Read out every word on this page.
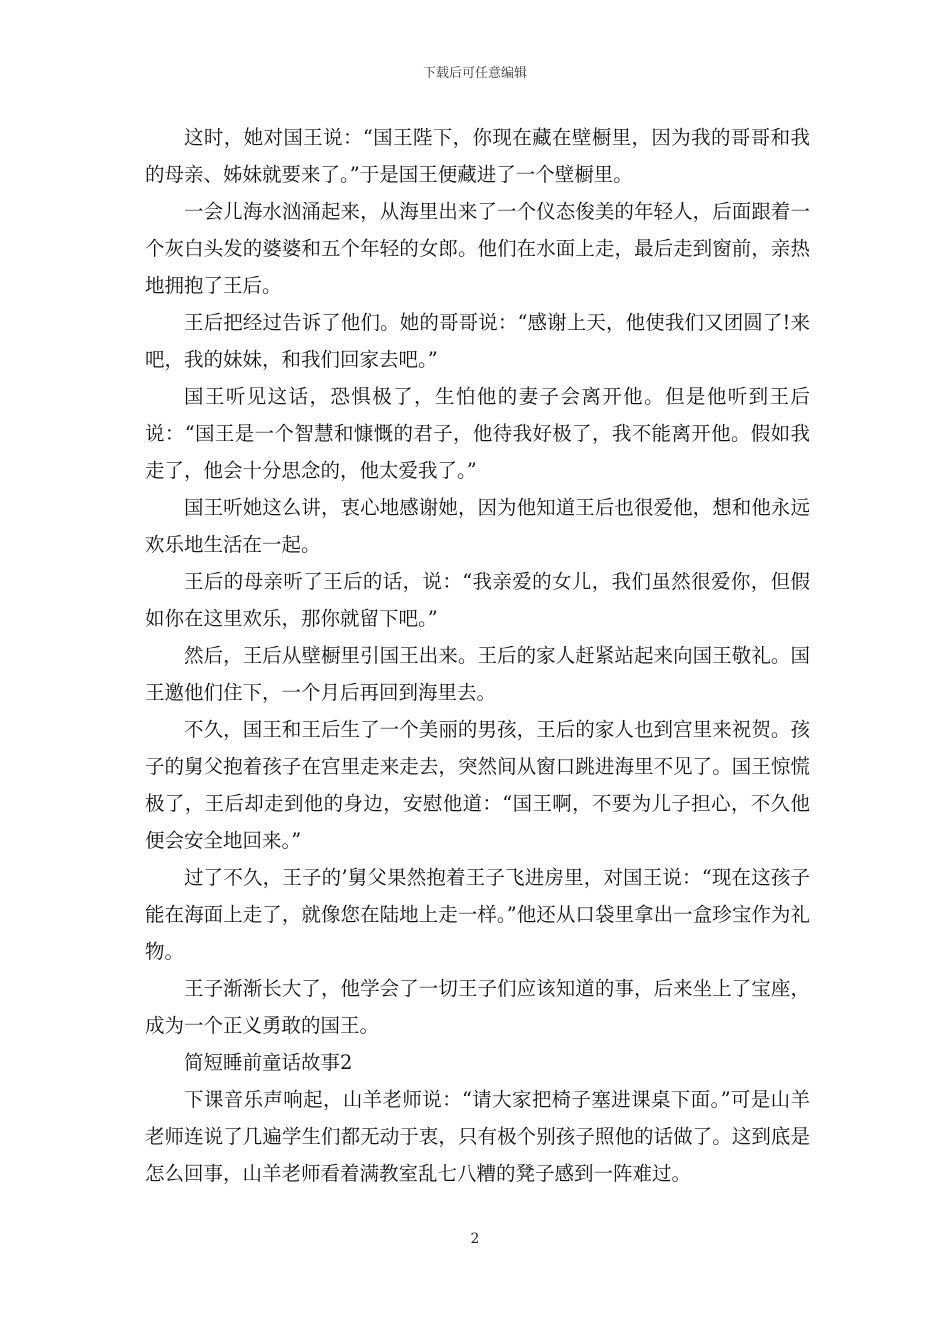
下载后可任意编辑

这时，她对国王说：“国王陛下，你现在藏在壁橱里，因为我的哥哥和我的母亲、姊妹就要来了。”于是国王便藏进了一个壁橱里。

一会儿海水汹涌起来，从海里出来了一个仪态俊美的年轻人，后面跟着一个灰白头发的婆婆和五个年轻的女郎。他们在水面上走，最后走到窗前，亲热地拥抱了王后。

王后把经过告诉了他们。她的哥哥说：“感谢上天，他使我们又团圆了!来吧，我的妹妹，和我们回家去吧。”

国王听见这话，恐惧极了，生怕他的妻子会离开他。但是他听到王后说：“国王是一个智慧和慷慨的君子，他待我好极了，我不能离开他。假如我走了，他会十分思念的，他太爱我了。”

国王听她这么讲，衷心地感谢她，因为他知道王后也很爱他，想和他永远欢乐地生活在一起。

王后的母亲听了王后的话，说：“我亲爱的女儿，我们虽然很爱你，但假如你在这里欢乐，那你就留下吧。”

然后，王后从壁橱里引国王出来。王后的家人赶紧站起来向国王敬礼。国王邀他们住下，一个月后再回到海里去。

不久，国王和王后生了一个美丽的男孩，王后的家人也到宫里来祝贺。孩子的舅父抱着孩子在宫里走来走去，突然间从窗口跳进海里不见了。国王惊慌极了，王后却走到他的身边，安慰他道：“国王啊，不要为儿子担心，不久他便会安全地回来。”

过了不久，王子的’舅父果然抱着王子飞进房里，对国王说：“现在这孩子能在海面上走了，就像您在陆地上走一样。”他还从口袋里拿出一盒珍宝作为礼物。

王子渐渐长大了，他学会了一切王子们应该知道的事，后来坐上了宝座，成为一个正义勇敢的国王。

简短睡前童话故事2

下课音乐声响起，山羊老师说：“请大家把椅子塞进课桌下面。”可是山羊老师连说了几遍学生们都无动于衷，只有极个别孩子照他的话做了。这到底是怎么回事，山羊老师看着满教室乱七八糟的凳子感到一阵难过。

2
